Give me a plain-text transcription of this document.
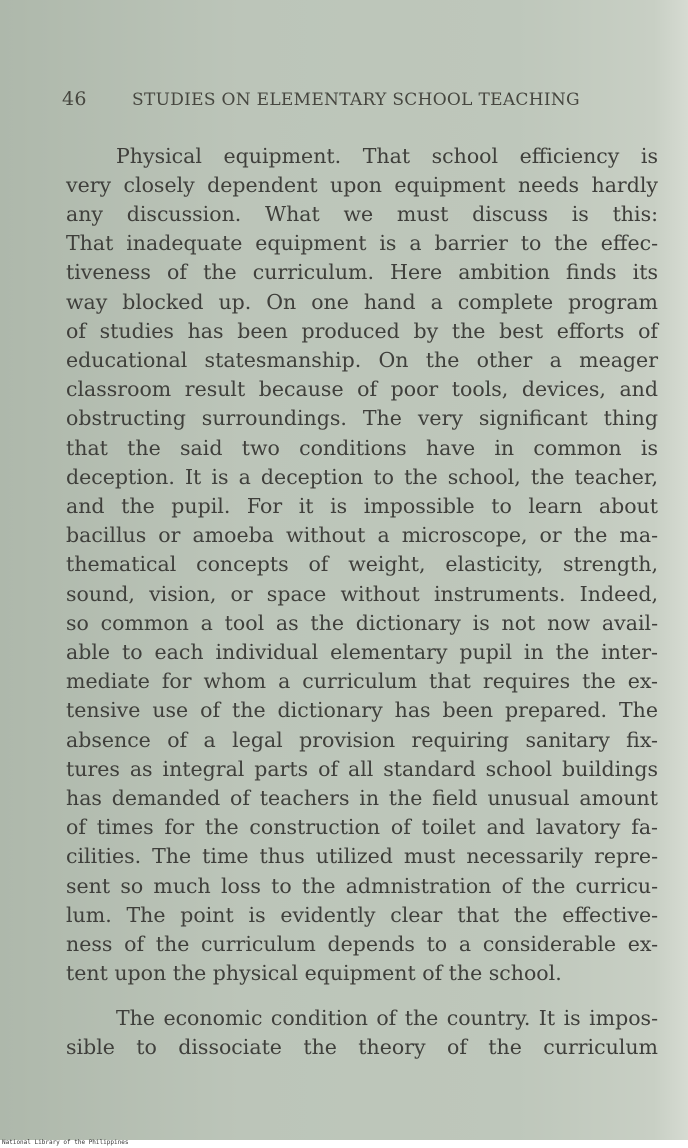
46	STUDIES ON ELEMENTARY SCHOOL TEACHING
Physical equipment. That school efficiency is
very closely dependent upon equipment needs hardly
any discussion. What we must discuss is this:
That inadequate equipment is a barrier to the effec-
tiveness of the curriculum. Here ambition finds its
way blocked up. On one hand a complete program
of studies has been produced by the best efforts of
educational statesmanship. On the other a meager
classroom result because of poor tools, devices, and
obstructing surroundings. The very significant thing
that the said two conditions have in common is
deception. It is a deception to the school, the teacher,
and the pupil. For it is impossible to learn about
bacillus or amoeba without a microscope, or the ma-
thematical concepts of weight, elasticity, strength,
sound, vision, or space without instruments. Indeed,
so common a tool as the dictionary is not now avail-
able to each individual elementary pupil in the inter-
mediate for whom a curriculum that requires the ex-
tensive use of the dictionary has been prepared. The
absence of a legal provision requiring sanitary fix-
tures as integral parts of all standard school buildings
has demanded of teachers in the field unusual amount
of times for the construction of toilet and lavatory fa-
cilities. The time thus utilized must necessarily repre-
sent so much loss to the admnistration of the curricu-
lum. The point is evidently clear that the effective-
ness of the curriculum depends to a considerable ex-
tent upon the physical equipment of the school.
The economic condition of the country. It is impos-
sible to dissociate the theory of the curriculum
National Library of the Philippines
